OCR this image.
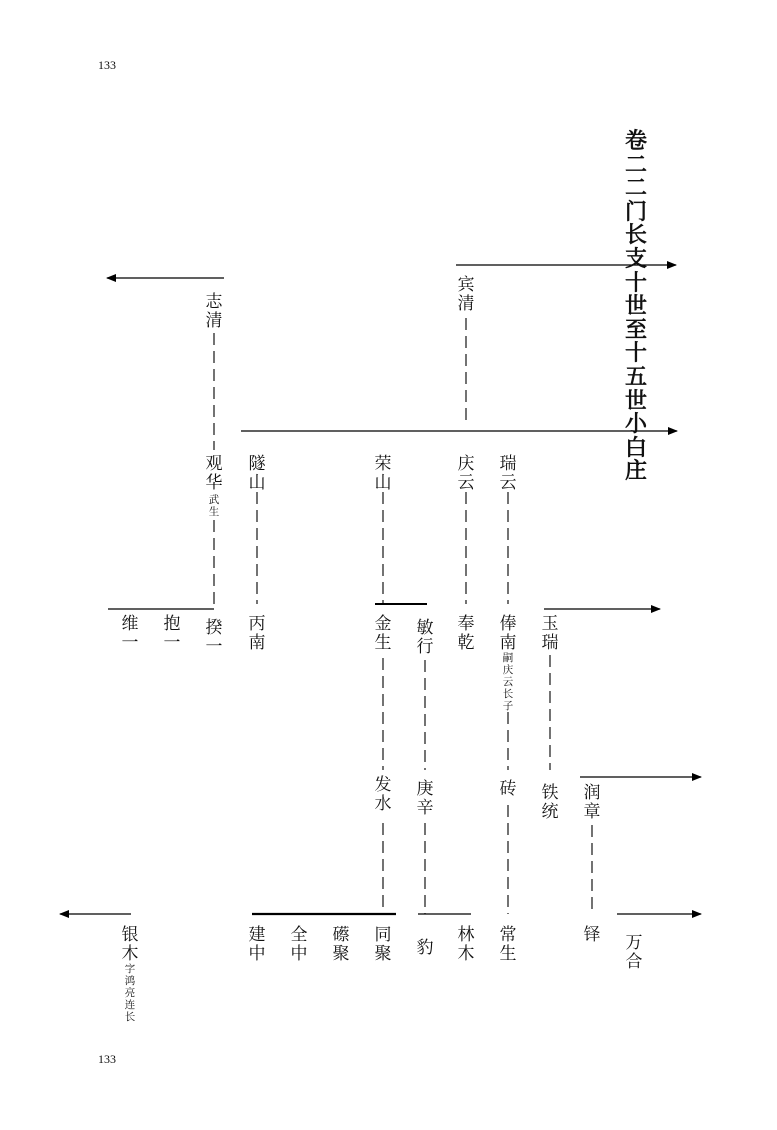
133
133
卷二 二门 长支 十世至十五世 小白庄
志清
宾清
观华
武生
隧山
荣山
庆云
瑞云
维一
抱一
揆一
丙南
金生
敏行
奉乾
俸南
嗣庆云长子
玉瑞
发水
庚辛
砖 铁统
润章
银木
字鸿亮连长
建中
全中
礤聚
同聚 豹
林木
常生
铎 万合
